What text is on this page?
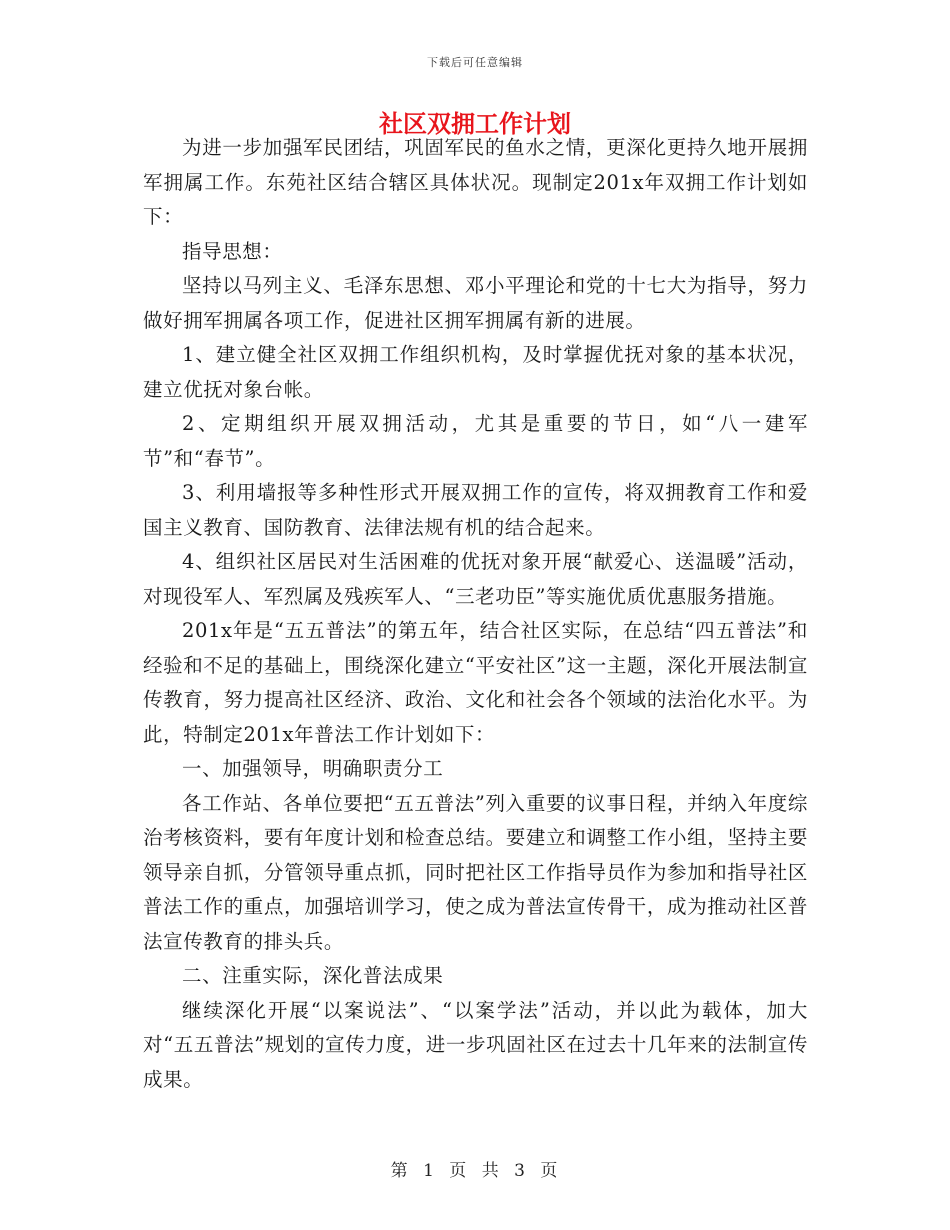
下载后可任意编辑
社区双拥工作计划

为进一步加强军民团结，巩固军民的鱼水之情，更深化更持久地开展拥军拥属工作。东苑社区结合辖区具体状况。现制定201x年双拥工作计划如下：

指导思想：

坚持以马列主义、毛泽东思想、邓小平理论和党的十七大为指导，努力做好拥军拥属各项工作，促进社区拥军拥属有新的进展。

1、建立健全社区双拥工作组织机构，及时掌握优抚对象的基本状况，建立优抚对象台帐。

2、定期组织开展双拥活动，尤其是重要的节日，如“八一建军节”和“春节”。

3、利用墙报等多种性形式开展双拥工作的宣传，将双拥教育工作和爱国主义教育、国防教育、法律法规有机的结合起来。

4、组织社区居民对生活困难的优抚对象开展“献爱心、送温暖”活动，对现役军人、军烈属及残疾军人、“三老功臣”等实施优质优惠服务措施。

201x年是“五五普法”的第五年，结合社区实际，在总结“四五普法”和经验和不足的基础上，围绕深化建立“平安社区”这一主题，深化开展法制宣传教育，努力提高社区经济、政治、文化和社会各个领域的法治化水平。为此，特制定201x年普法工作计划如下：

一、加强领导，明确职责分工

各工作站、各单位要把“五五普法”列入重要的议事日程，并纳入年度综治考核资料，要有年度计划和检查总结。要建立和调整工作小组，坚持主要领导亲自抓，分管领导重点抓，同时把社区工作指导员作为参加和指导社区普法工作的重点，加强培训学习，使之成为普法宣传骨干，成为推动社区普法宣传教育的排头兵。

二、注重实际，深化普法成果

继续深化开展“以案说法”、“以案学法”活动，并以此为载体，加大对“五五普法”规划的宣传力度，进一步巩固社区在过去十几年来的法制宣传成果。

第 1 页 共 3 页
